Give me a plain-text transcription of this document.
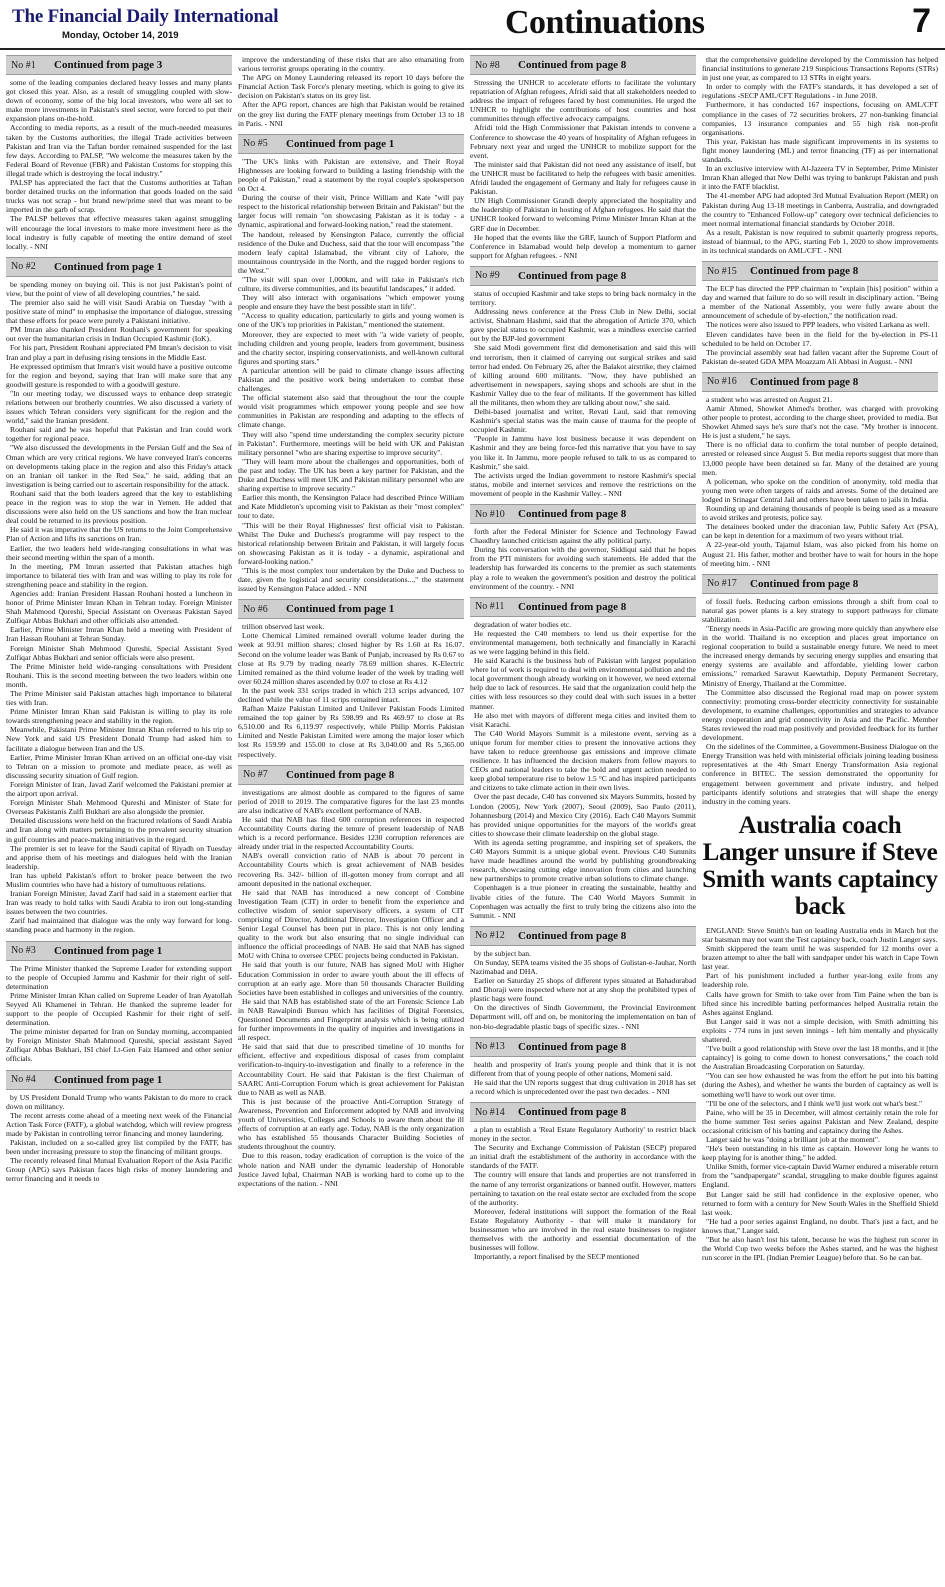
The Financial Daily International
Monday, October 14, 2019	Continuations	7
No #1	Continued from page 3

some of the leading companies declared heavy losses and many plants got closed this year. Also, as a result of smuggling coupled with slow-down of economy, some of the big local investors, who were all set to make more investments in Pakistan's steel sector, were forced to put their expansion plans on-the-hold.

According to media reports, as a result of the much-needed measures taken by the Customs authorities, the illegal Trade activities between Pakistan and Iran via the Taftan border remained suspended for the last few days. According to PALSP, "We welcome the measures taken by the Federal Board of Revenue (FBR) and Pakistan Customs for stopping this illegal trade which is destroying the local industry."

PALSP has appreciated the fact that the Customs authorities at Taftan border detained trucks on the information that goods loaded on the said trucks was not scrap - but brand new/prime steel that was meant to be imported in the garb of scrap.

The PALSP believes that effective measures taken against smuggling will encourage the local investors to make more investment here as the local industry is fully capable of meeting the entire demand of steel locally. - NNI

No #2	Continued from page 1

be spending money on buying oil. This is not just Pakistan's point of view, but the point of view of all developing countries," he said.

The premier also said he will visit Saudi Arabia on Tuesday "with a positive state of mind" to emphasise the importance of dialogue, stressing that these efforts for peace were purely a Pakistani initiative.

PM Imran also thanked President Rouhani's government for speaking out over the humanitarian crisis in Indian Occupied Kashmir (IoK).

For his part, President Rouhani appreciated PM Imran's decision to visit Iran and play a part in defusing rising tensions in the Middle East.

He expressed optimism that Imran's visit would have a positive outcome for the region and beyond, saying that Iran will make sure that any goodwill gesture is responded to with a goodwill gesture.

"In our meeting today, we discussed ways to enhance deep strategic relations between our brotherly countries. We also discussed a variety of issues which Tehran considers very significant for the region and the world," said the Iranian president.

Rouhani said and he was hopeful that Pakistan and Iran could work together for regional peace.

"We also discussed the developments in the Persian Gulf and the Sea of Oman which are very critical regions. We have conveyed Iran's concerns on developments taking place in the region and also this Friday's attack on an Iranian oil tanker in the Red Sea," he said, adding that an investigation is being carried out to ascertain responsibility for the attack.

Rouhani said that the both leaders agreed that the key to establishing peace in the region was to stop the war in Yemen. He added that discussions were also held on the US sanctions and how the Iran nuclear deal could be returned to its previous position.

He said it was imperative that the US returns to the Joint Comprehensive Plan of Action and lifts its sanctions on Iran.

Earlier, the two leaders held wide-ranging consultations in what was their second meeting within the span of a month.

In the meeting, PM Imran asserted that Pakistan attaches high importance to bilateral ties with Iran and was willing to play its role for strengthening peace and stability in the region.

Agencies add: Iranian President Hassan Rouhani hosted a luncheon in honor of Prime Minister Imran Khan in Tehran today. Foreign Minister Shah Mahmood Qureshi, Special Assistant on Overseas Pakistan Sayed Zulfiqar Abbas Bukhari and other officials also attended.

Earlier, Prime Minister Imran Khan held a meeting with President of Iran Hassan Rouhani at Tehran Sunday.

Foreign Minister Shah Mehmood Qureshi, Special Assistant Syed Zulfiqar Abbas Bukhari and senior officials were also present.

The Prime Minister held wide-ranging consultations with President Rouhani. This is the second meeting between the two leaders within one month.

The Prime Minister said Pakistan attaches high importance to bilateral ties with Iran.

Prime Minister Imran Khan said Pakistan is willing to play its role towards strengthening peace and stability in the region.

Meanwhile, Pakistani Prime Minister Imran Khan referred to his trip to New York and said US President Donald Trump had asked him to facilitate a dialogue between Iran and the US.

Earlier, Prime Minister Imran Khan arrived on an official one-day visit to Tehran on a mission to promote and mediate peace, as well as discussing security situation of Gulf region.

Foreign Minister of Iran, Javad Zarif welcomed the Pakistani premier at the airport upon arrival.

Foreign Minister Shah Mehmood Qureshi and Minister of State for Overseas Pakistanis Zulfi Bukhari are also alongside the premier.

Detailed discussions were held on the fractured relations of Saudi Arabia and Iran along with matters pertaining to the prevalent security situation in gulf countries and peace-making initiatives in the regard.

The premier is set to leave for the Saudi capital of Riyadh on Tuesday and apprise them of his meetings and dialogues held with the Iranian leadership.

Iran has upheld Pakistan's effort to broker peace between the two Muslim countries who have had a history of tumultuous relations.

Iranian Foreign Minister, Javad Zarif had said in a statement earlier that Iran was ready to hold talks with Saudi Arabia to iron out long-standing issues between the two countries.

Zarif had maintained that dialogue was the only way forward for long-standing peace and harmony in the region.

No #3	Continued from page 1

The Prime Minister thanked the Supreme Leader for extending support to the people of Occupied Jammu and Kashmir for their right of self-determination

Prime Minister Imran Khan called on Supreme Leader of Iran Ayatollah Seyyed Ali Khamenei in Tehran. He thanked the supreme leader for support to the people of Occupied Kashmir for their right of self-determination.

The prime minister departed for Iran on Sunday morning, accompanied by Foreign Minister Shah Mahmood Qureshi, special assistant Sayed Zulfiqar Abbas Bukhari, ISI chief Lt-Gen Faiz Hameed and other senior officials.

No #4	Continued from page 1

by US President Donald Trump who wants Pakistan to do more to crack down on militancy.

The recent arrests come ahead of a meeting next week of the Financial Action Task Force (FATF), a global watchdog, which will review progress made by Pakistan in controlling terror financing and money laundering.

Pakistan, included on a so-called grey list compiled by the FATF, has been under increasing pressure to stop the financing of militant groups.

The recently released final Mutual Evaluation Report of the Asia Pacific Group (APG) says Pakistan faces high risks of money laundering and terror financing and it needs to

improve the understanding of these risks that are also emanating from various terrorist groups operating in the country.

The APG on Money Laundering released its report 10 days before the Financial Action Task Force's plenary meeting, which is going to give its decision on Pakistan's status on its grey list.

After the APG report, chances are high that Pakistan would be retained on the grey list during the FATF plenary meetings from October 13 to 18 in Paris. - NNI

No #5	Continued from page 1

"The UK's links with Pakistan are extensive, and Their Royal Highnesses are looking forward to building a lasting friendship with the people of Pakistan," read a statement by the royal couple's spokesperson on Oct 4.

During the course of their visit, Prince William and Kate "will pay respect to the historical relationship between Britain and Pakistan" but the larger focus will remain "on showcasing Pakistan as it is today - a dynamic, aspirational and forward-looking nation," read the statement.

The handout, released by Kensington Palace, currently the official residence of the Duke and Duchess, said that the tour will encompass "the modern leafy capital Islamabad, the vibrant city of Lahore, the mountainous countryside in the North, and the rugged border regions to the West."

"The visit will span over 1,000km, and will take in Pakistan's rich culture, its diverse communities, and its beautiful landscapes," it added.

They will also interact with organisations "which empower young people and ensure they have the best possible start in life".

"Access to quality education, particularly to girls and young women is one of the UK's top priorities in Pakistan," mentioned the statement.

Moreover, they are expected to meet with "a wide variety of people, including children and young people, leaders from government, business and the charity sector, inspiring conservationists, and well-known cultural figures and sporting stars."

A particular attention will be paid to climate change issues affecting Pakistan and the positive work being undertaken to combat these challenges.

The official statement also said that throughout the tour the couple would visit programmes which empower young people and see how communities in Pakistan are responding and adapting to the effects of climate change.

They will also "spend time understanding the complex security picture in Pakistan". Furthermore, meetings will be held with UK and Pakistan military personnel "who are sharing expertise to improve security".

"They will learn more about the challenges and opportunities, both of the past and today. The UK has been a key partner for Pakistan, and the Duke and Duchess will meet UK and Pakistan military personnel who are sharing expertise to improve security."

Earlier this month, the Kensington Palace had described Prince William and Kate Middleton's upcoming visit to Pakistan as their "most complex" tour to date.

"This will be their Royal Highnesses' first official visit to Pakistan. Whilst The Duke and Duchess's programme will pay respect to the historical relationship between Britain and Pakistan, it will largely focus on showcasing Pakistan as it is today - a dynamic, aspirational and forward-looking nation."

"This is the most complex tour undertaken by the Duke and Duchess to date, given the logistical and security considerations...," the statement issued by Kensington Palace added. - NNI

No #6	Continued from page 1

trillion observed last week.

Lotte Chemical Limited remained overall volume leader during the week at 93.91 million shares; closed higher by Rs 1.60 at Rs 16.07. Second on the volume leader was Bank of Punjab, increased by Rs 0.67 to close at Rs 9.79 by trading nearly 78.69 million shares. K-Electric Limited remained as the third volume leader of the week by trading well over 60.24 million shares ascended by 0.07 to close at Rs 4.12

In the past week 331 scrips traded in which 213 scrips advanced, 107 declined while the value of 11 scrips remained intact.

Rafhan Maize Pakistan Limited and Unilever Pakistan Foods Limited remained the top gainer by Rs 598.99 and Rs 469.97 to close at Rs 6,510.00 and Rs 6,119.97 respectively, while Philip Morris Pakistan Limited and Nestle Pakistan Limited were among the major loser which lost Rs 159.99 and 155.00 to close at Rs 3,040.00 and Rs 5,365.00 respectively.

No #7	Continued from page 8

investigations are almost double as compared to the figures of same period of 2018 to 2019. The comparative figures for the last 23 months are also indicative of NAB's excellent performance of NAB.

He said that NAB has filed 600 corruption references in respected Accountability Courts during the tenure of present leadership of NAB which is a record performance. Besides 1230 corruption references are already under trial in the respected Accountability Courts.

NAB's overall conviction ratio of NAB is about 70 percent in Accountability Courts which is great achievement of NAB besides recovering Rs. 342/- billion of ill-gotten money from corrupt and all amount deposited in the national exchequer.

He said that NAB has introduced a new concept of Combine Investigation Team (CIT) in order to benefit from the experience and collective wisdom of senior supervisory officers, a system of CIT comprising of Director, Additional Director, Investigation Officer and a Senior Legal Counsel has been put in place. This is not only lending quality to the work but also ensuring that no single individual can influence the official proceedings of NAB. He said that NAB has signed MoU with China to oversee CPEC projects being conducted in Pakistan.

He said that youth is our future, NAB has signed MoU with Higher Education Commission in order to aware youth about the ill effects of corruption at an early age. More than 50 thousands Character Building Societies have been established in colleges and universities of the country.

He said that NAB has established state of the art Forensic Science Lab in NAB Rawalpindi Bureau which has facilities of Digital Forensics, Questioned Documents and Fingerprint analysis which is being utilized for further improvements in the quality of inquiries and investigations in all respect.

He said that said that due to prescribed timeline of 10 months for efficient, effective and expeditious disposal of cases from complaint verification-to-inquiry-to-investigation and finally to a reference in the Accountability Court. He said that Pakistan is the first Chairman of SAARC Anti-Corruption Forum which is great achievement for Pakistan due to NAB as well as NAB.

This is just because of the proactive Anti-Corruption Strategy of Awareness, Prevention and Enforcement adopted by NAB and involving youth of Universities, Colleges and Schools to aware them about the ill effects of corruption at an early age. Today, NAB is the only organization who has established 55 thousands Character Building Societies of students throughout the country.

Due to this reason, today eradication of corruption is the voice of the whole nation and NAB under the dynamic leadership of Honorable Justice Javed Iqbal, Chairman NAB is working hard to come up to the expectations of the nation. - NNI

No #8	Continued from page 8

Stressing the UNHCR to accelerate efforts to facilitate the voluntary repatriation of Afghan refugees, Afridi said that all stakeholders needed to address the impact of refugees faced by host communities. He urged the UNHCR to highlight the contributions of host countries and host communities through effective advocacy campaigns.

Afridi told the High Commissioner that Pakistan intends to convene a Conference to showcase the 40 years of hospitality of Afghan refugees in February next year and urged the UNHCR to mobilize support for the event.

The minister said that Pakistan did not need any assistance of itself, but the UNHCR must be facilitated to help the refugees with basic amenities. Afridi lauded the engagement of Germany and Italy for refugees cause in Pakistan.

UN High Commissioner Grandi deeply appreciated the hospitality and the leadership of Pakistan in hosting of Afghan refugees. He said that the UNHCR looked forward to welcoming Prime Minister Imran Khan at the GRF due in December.

He hoped that the events like the GRF, launch of Support Platform and Conference in Islamabad would help develop a momentum to garner support for Afghan refugees. - NNI

No #9	Continued from page 8

status of occupied Kashmir and take steps to bring back normalcy in the territory.

Addressing news conference at the Press Club in New Delhi, social activist, Shabnam Hashmi, said that the abrogation of Article 370, which gave special status to occupied Kashmir, was a mindless exercise carried out by the BJP-led government

She said Modi government first did demonetisation and said this will end terrorism, then it claimed of carrying out surgical strikes and said terror had ended. On February 26, after the Balakot airstrike, they claimed of killing around 600 militants. "Now, they have published an advertisement in newspapers, saying shops and schools are shut in the Kashmir Valley due to the fear of militants. If the government has killed all the militants, then whom they are talking about now," she said.

Delhi-based journalist and writer, Revati Laul, said that removing Kashmir's special status was the main cause of trauma for the people of occupied Kashmir.

"People in Jammu have lost business because it was dependent on Kashmir and they are being force-fed this narrative that you have to say you like it. In Jammu, more people refused to talk to us as compared to Kashmir," she said.

The activists urged the Indian government to restore Kashmir's special status, mobile and internet services and remove the restrictions on the movement of people in the Kashmir Valley. - NNI

No #10	Continued from page 8

forth after the Federal Minister for Science and Technology Fawad Chaudhry launched criticism against the ally political party.

During his conversation with the governor, Siddiqui said that he hopes from the PTI ministers for avoiding such statements. He added that the leadership has forwarded its concerns to the premier as such statements play a role to weaken the government's position and destroy the political environment of the country. - NNI

No #11	Continued from page 8

degradation of water bodies etc.

He requested the C40 members to lend us their expertise for the environmental management, both technically and financially in Karachi as we were lagging behind in this field.

He said Karachi is the business hub of Pakistan with largest population where lot of work is required to deal with environmental pollution and the local government though already working on it however, we need external help due to lack of resources. He said that the organization could help the cities with less resources so they could deal with such issues in a better manner.

He also met with mayors of different mega cities and invited them to visit Karachi.

The C40 World Mayors Summit is a milestone event, serving as a unique forum for member cities to present the innovative actions they have taken to reduce greenhouse gas emissions and improve climate resilience. It has influenced the decision makers from fellow mayors to CEOs and national leaders to take the bold and urgent action needed to keep global temperature rise to below 1.5 °C and has inspired participants and citizens to take climate action in their own lives.

Over the past decade, C40 has convened six Mayors Summits, hosted by London (2005), New York (2007), Seoul (2009), Sao Paulo (2011), Johannesburg (2014) and Mexico City (2016). Each C40 Mayors Summit has provided unique opportunities for the mayors of the world's great cities to showcase their climate leadership on the global stage.

With its agenda setting programme, and inspiring set of speakers, the C40 Mayors Summit is a unique global event. Previous C40 Summits have made headlines around the world by publishing groundbreaking research, showcasing cutting edge innovation from cities and launching new partnerships to promote creative urban solutions to climate change.

Copenhagen is a true pioneer in creating the sustainable, healthy and livable cities of the future. The C40 World Mayors Summit in Copenhagen was actually the first to truly bring the citizens also into the Summit. - NNI

No #12	Continued from page 8

by the subject ban.

On Sunday, SEPA teams visited the 35 shops of Gulistan-e-Jauhar, North Nazimabad and DHA.

Earlier on Saturday 25 shops of different types situated at Bahadurabad and Dhoraji were inspected where not at any shop the prohibited types of plastic bags were found.

On the directives of Sindh Government, the Provincial Environment Department will, off and on, be monitoring the implementation on ban of non-bio-degradable plastic bags of specific sizes. - NNI

No #13	Continued from page 8

health and prosperity of Iran's young people and think that it is not different from that of young people of other nations, Momeni said.

He said that the UN reports suggest that drug cultivation in 2018 has set a record which is unprecedented over the past two decades. - NNI

No #14	Continued from page 8

a plan to establish a 'Real Estate Regulatory Authority' to restrict black money in the sector.

The Security and Exchange Commission of Pakistan (SECP) prepared an initial draft the establishment of the authority in accordance with the standards of the FATF.

The country will ensure that lands and properties are not transferred in the name of any terrorist organizations or banned outfit. However, matters pertaining to taxation on the real estate sector are excluded from the scope of the authority.

Moreover, federal institutions will support the formation of the Real Estate Regulatory Authority - that will make it mandatory for businessmen who are involved in the real estate businesses to register themselves with the authority and essential documentation of the businesses will follow.

Importantly, a report finalised by the SECP mentioned

that the comprehensive guideline developed by the Commission has helped financial institutions to generate 219 Suspicious Transactions Reports (STRs) in just one year, as compared to 13 STRs in eight years.

In order to comply with the FATF's standards, it has developed a set of regulations -SECP AML/CFT Regulations - in June 2018.

Furthermore, it has conducted 167 inspections, focusing on AML/CFT compliance in the cases of 72 securities brokers, 27 non-banking financial companies, 13 insurance companies and 55 high risk non-profit organisations.

This year, Pakistan has made significant improvements in its systems to fight money laundering (ML) and terror financing (TF) as per international standards.

In an exclusive interview with Al-Jazeera TV in September, Prime Minister Imran Khan alleged that New Delhi was trying to bankrupt Pakistan and push it into the FATF blacklist.

The 41-member APG had adopted 3rd Mutual Evaluation Report (MER) on Pakistan during Aug 13-18 meetings in Canberra, Australia, and downgraded the country to "Enhanced Follow-up" category over technical deficiencies to meet normal international financial standards by October 2018.

As a result, Pakistan is now required to submit quarterly progress reports, instead of biannual, to the APG, starting Feb 1, 2020 to show improvements in its technical standards on AML/CFT. - NNI

No #15	Continued from page 8

The ECP has directed the PPP chairman to "explain [his] position" within a day and warned that failure to do so will result in disciplinary action. "Being a member of the National Assembly, you were fully aware about the announcement of schedule of by-election," the notification read.

The notices were also issued to PPP leaders, who visited Larkana as well.

Eleven candidates have been in the field for the by-election in PS-11 scheduled to be held on October 17.

The provincial assembly seat had fallen vacant after the Supreme Court of Pakistan de-seated GDA MPA Moazzam Ali Abbasi in August. - NNI

No #16	Continued from page 8

a student who was arrested on August 21.

Aamir Ahmed, Showket Ahmed's brother, was charged with provoking other people to protest, according to the charge sheet, provided to media. But Showket Ahmed says he's sure that's not the case. "My brother is innocent. He is just a student," he says.

There is no official data to confirm the total number of people detained, arrested or released since August 5. But media reports suggest that more than 13,000 people have been detained so far. Many of the detained are young men.

A policeman, who spoke on the condition of anonymity, told media that young men were often targets of raids and arrests. Some of the detained are lodged in Srinagar Central Jail and others have been taken to jails in India.

Rounding up and detaining thousands of people is being used as a measure to avoid strikes and protests, police say.

The detainees booked under the draconian law, Public Safety Act (PSA), can be kept in detention for a maximum of two years without trial.

A 22-year-old youth, Tajamul Islam, was also picked from his home on August 21. His father, mother and brother have to wait for hours in the hope of meeting him. - NNI

No #17	Continued from page 8

of fossil fuels. Reducing carbon emissions through a shift from coal to natural gas power plants is a key strategy to support pathways for climate stabilization.

"Energy needs in Asia-Pacific are growing more quickly than anywhere else in the world. Thailand is no exception and places great importance on regional cooperation to build a sustainable energy future. We need to meet the increased energy demands by securing energy supplies and ensuring that energy systems are available and affordable, yielding lower carbon emissions," remarked Sarawut Kaewtathip, Deputy Permanent Secretary, Ministry of Energy, Thailand at the Committee.

The Committee also discussed the Regional road map on power system connectivity: promoting cross-border electricity connectivity for sustainable development, to examine challenges, opportunities and strategies to advance energy cooperation and grid connectivity in Asia and the Pacific. Member States reviewed the road map positively and provided feedback for its further development.

On the sidelines of the Committee, a Government-Business Dialogue on the Energy Transition was held with ministerial officials joining leading business representatives at the 4th Smart Energy Transformation Asia regional conference in BITEC. The session demonstrated the opportunity for engagement between government and private industry, and helped participants identify solutions and strategies that will shape the energy industry in the coming years.

Australia coach Langer unsure if Steve Smith wants captaincy back

ENGLAND: Steve Smith's ban on leading Australia ends in March but the star batsman may not want the Test captaincy back, coach Justin Langer says.

Smith skippered the team until he was suspended for 12 months over a brazen attempt to alter the ball with sandpaper under his watch in Cape Town last year.

Part of his punishment included a further year-long exile from any leadership role.

Calls have grown for Smith to take over from Tim Paine when the ban is lifted since his incredible batting performances helped Australia retain the Ashes against England.

But Langer said it was not a simple decision, with Smith admitting his exploits - 774 runs in just seven innings - left him mentally and physically shattered.

"I've built a good relationship with Steve over the last 18 months, and it [the captaincy] is going to come down to honest conversations," the coach told the Australian Broadcasting Corporation on Saturday.

"You can see how exhausted he was from the effort he put into his batting (during the Ashes), and whether he wants the burden of captaincy as well is something we'll have to work out over time.

"I'll be one of the selectors, and I think we'll just work out what's best."

Paine, who will be 35 in December, will almost certainly retain the role for the home summer Test series against Pakistan and New Zealand, despite occasional criticism of his batting and captaincy during the Ashes.

Langer said he was "doing a brilliant job at the moment".

"He's been outstanding in his time as captain. However long he wants to keep playing for is another thing," he added.

Unlike Smith, former vice-captain David Warner endured a miserable return from the "sandpapergate" scandal, struggling to make double figures against England.

But Langer said he still had confidence in the explosive opener, who returned to form with a century for New South Wales in the Sheffield Shield last week.

"He had a poor series against England, no doubt. That's just a fact, and he knows that," Langer said.

"But he also hasn't lost his talent, because he was the highest run scorer in the World Cup two weeks before the Ashes started, and he was the highest run scorer in the IPL (Indian Premier League) before that. So he can bat.
